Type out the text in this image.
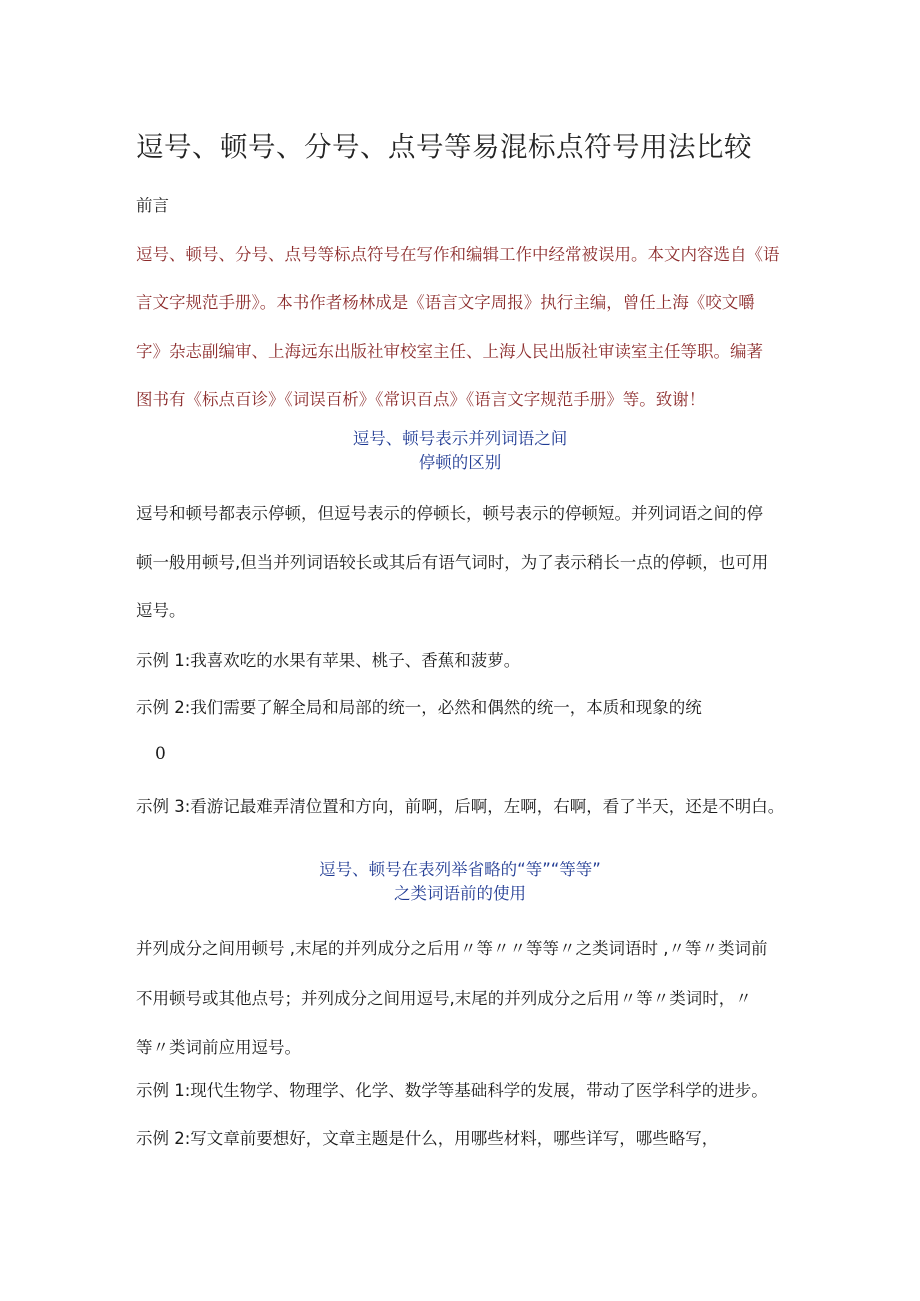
逗号、顿号、分号、点号等易混标点符号用法比较
前言
逗号、顿号、分号、点号等标点符号在写作和编辑工作中经常被误用。本文内容选自《语
言文字规范手册》。本书作者杨林成是《语言文字周报》执行主编，曾任上海《咬文嚼
字》杂志副编审、上海远东出版社审校室主任、上海人民出版社审读室主任等职。编著
图书有《标点百诊》《词误百析》《常识百点》《语言文字规范手册》等。致谢！
逗号、顿号表示并列词语之间
停顿的区别
逗号和顿号都表示停顿，但逗号表示的停顿长，顿号表示的停顿短。并列词语之间的停
顿一般用顿号,但当并列词语较长或其后有语气词时，为了表示稍长一点的停顿，也可用
逗号。
示例 1:我喜欢吃的水果有苹果、桃子、香蕉和菠萝。
示例 2:我们需要了解全局和局部的统一，必然和偶然的统一，本质和现象的统
0
示例 3:看游记最难弄清位置和方向，前啊，后啊，左啊，右啊，看了半天，还是不明白。
逗号、顿号在表列举省略的“等”“等等”
之类词语前的使用
并列成分之间用顿号 ,末尾的并列成分之后用〃等〃〃等等〃之类词语时 ,〃等〃类词前
不用顿号或其他点号；并列成分之间用逗号,末尾的并列成分之后用〃等〃类词时，〃
等〃类词前应用逗号。
示例 1:现代生物学、物理学、化学、数学等基础科学的发展，带动了医学科学的进步。
示例 2:写文章前要想好，文章主题是什么，用哪些材料，哪些详写，哪些略写，
